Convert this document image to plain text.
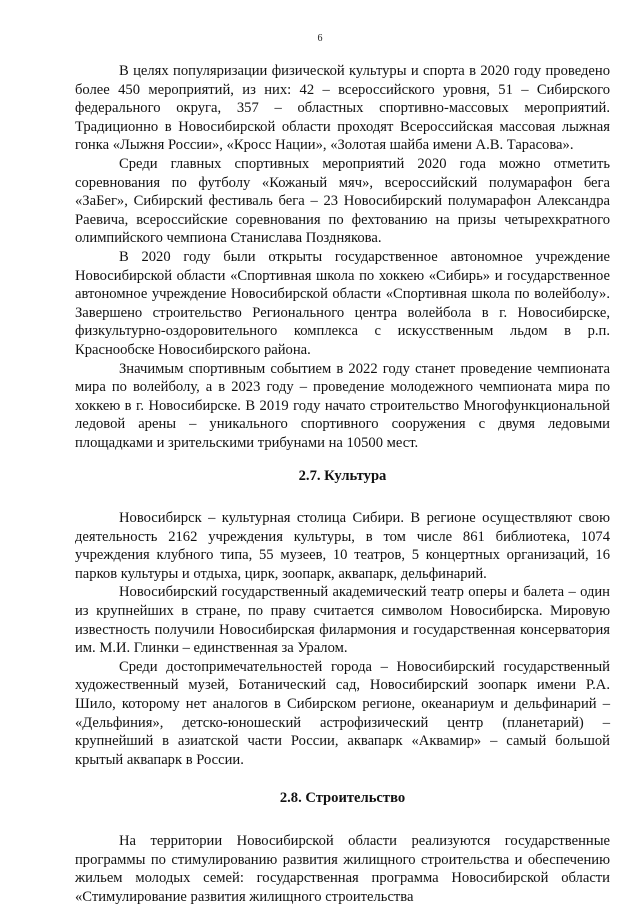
6

В целях популяризации физической культуры и спорта в 2020 году проведено более 450 мероприятий, из них: 42 – всероссийского уровня, 51 – Сибирского федерального округа, 357 – областных спортивно-массовых мероприятий. Традиционно в Новосибирской области проходят Всероссийская массовая лыжная гонка «Лыжня России», «Кросс Нации», «Золотая шайба имени А.В. Тарасова».

Среди главных спортивных мероприятий 2020 года можно отметить соревнования по футболу «Кожаный мяч», всероссийский полумарафон бега «ЗаБег», Сибирский фестиваль бега – 23 Новосибирский полумарафон Александра Раевича, всероссийские соревнования по фехтованию на призы четырехкратного олимпийского чемпиона Станислава Позднякова.

В 2020 году были открыты государственное автономное учреждение Новосибирской области «Спортивная школа по хоккею «Сибирь» и государственное автономное учреждение Новосибирской области «Спортивная школа по волейболу». Завершено строительство Регионального центра волейбола в г. Новосибирске, физкультурно-оздоровительного комплекса с искусственным льдом в р.п. Краснообске Новосибирского района.

Значимым спортивным событием в 2022 году станет проведение чемпионата мира по волейболу, а в 2023 году – проведение молодежного чемпионата мира по хоккею в г. Новосибирске. В 2019 году начато строительство Многофункциональной ледовой арены – уникального спортивного сооружения с двумя ледовыми площадками и зрительскими трибунами на 10500 мест.

2.7. Культура

Новосибирск – культурная столица Сибири. В регионе осуществляют свою деятельность 2162 учреждения культуры, в том числе 861 библиотека, 1074 учреждения клубного типа, 55 музеев, 10 театров, 5 концертных организаций, 16 парков культуры и отдыха, цирк, зоопарк, аквапарк, дельфинарий.

Новосибирский государственный академический театр оперы и балета – один из крупнейших в стране, по праву считается символом Новосибирска. Мировую известность получили Новосибирская филармония и государственная консерватория им. М.И. Глинки – единственная за Уралом.

Среди достопримечательностей города – Новосибирский государственный художественный музей, Ботанический сад, Новосибирский зоопарк имени Р.А. Шило, которому нет аналогов в Сибирском регионе, океанариум и дельфинарий – «Дельфиния», детско-юношеский астрофизический центр (планетарий) – крупнейший в азиатской части России, аквапарк «Аквамир» – самый большой крытый аквапарк в России.

2.8. Строительство

На территории Новосибирской области реализуются государственные программы по стимулированию развития жилищного строительства и обеспечению жильем молодых семей: государственная программа Новосибирской области «Стимулирование развития жилищного строительства
